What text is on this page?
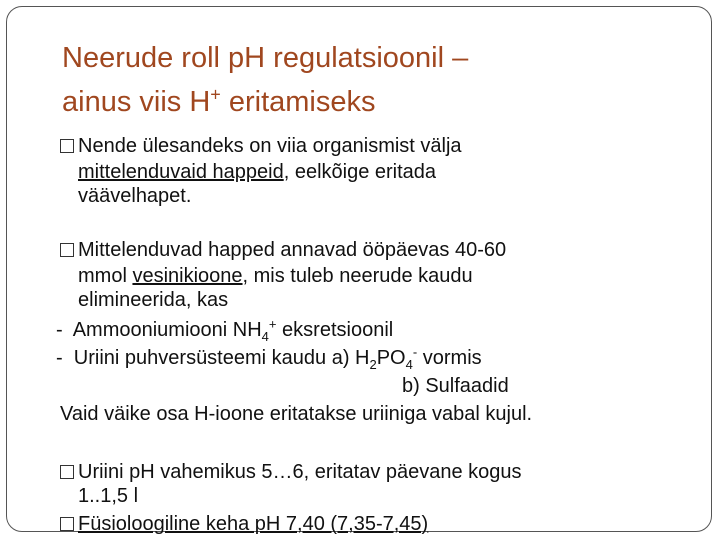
Neerude roll pH regulatsioonil –
ainus viis H+ eritamiseks
Nende ülesandeks on viia organismist välja
mittelenduvaid happeid, eelkõige eritada
väävelhapet.
Mittelenduvad happed annavad ööpäevas 40-60
mmol vesinikioone, mis tuleb neerude kaudu
elimineerida, kas
- Ammooniumiooni $NH_4^+$ eksretsioonil
- Uriini puhversüsteemi kaudu a) $H_2PO_4^-$ vormis
b) Sulfaadid
Vaid väike osa H-ioone eritatakse uriiniga vabal kujul.
Uriini pH vahemikus 5…6, eritatav päevane kogus
1..1,5 l
Füsioloogiline keha pH 7,40 (7,35-7,45)
